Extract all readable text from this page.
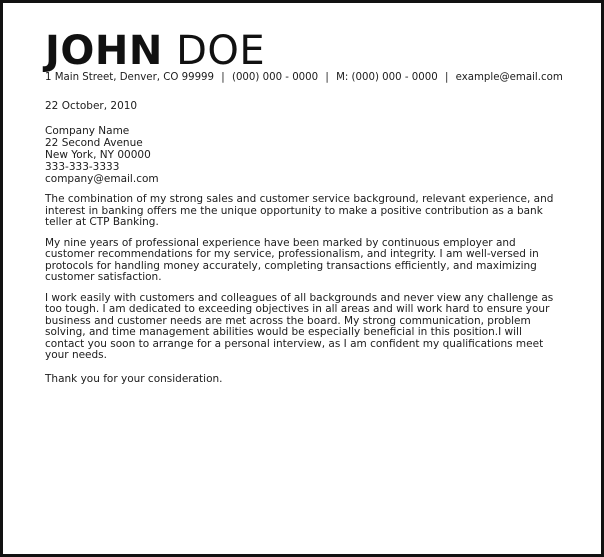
JOHN DOE
1 Main Street, Denver, CO 99999 | (000) 000 - 0000 | M: (000) 000 - 0000 | example@email.com
22 October, 2010
Company Name
22 Second Avenue
New York, NY 00000
333-333-3333
company@email.com
The combination of my strong sales and customer service background, relevant experience, and interest in banking offers me the unique opportunity to make a positive contribution as a bank teller at CTP Banking.
My nine years of professional experience have been marked by continuous employer and customer recommendations for my service, professionalism, and integrity. I am well-versed in protocols for handling money accurately, completing transactions efficiently, and maximizing customer satisfaction.
I work easily with customers and colleagues of all backgrounds and never view any challenge as too tough. I am dedicated to exceeding objectives in all areas and will work hard to ensure your business and customer needs are met across the board. My strong communication, problem solving, and time management abilities would be especially beneficial in this position.I will contact you soon to arrange for a personal interview, as I am confident my qualifications meet your needs.
Thank you for your consideration.
